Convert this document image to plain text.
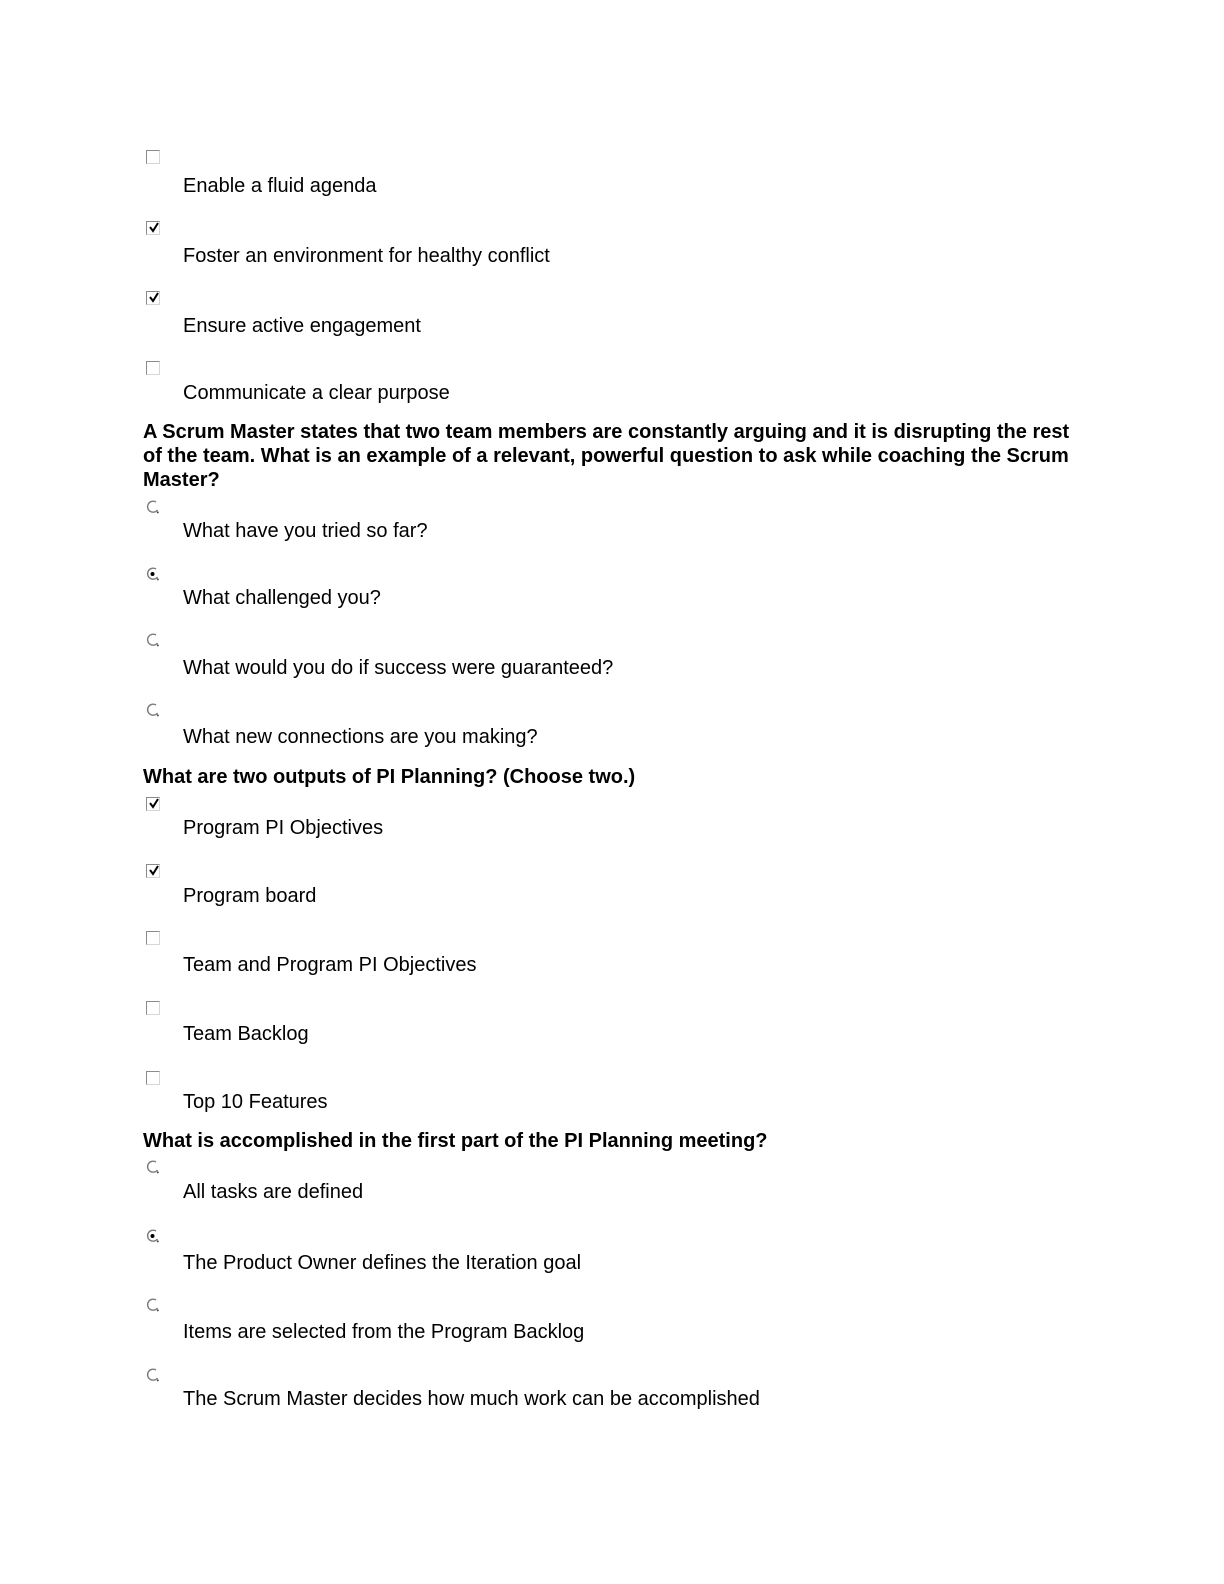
Enable a fluid agenda
Foster an environment for healthy conflict
Ensure active engagement
Communicate a clear purpose
A Scrum Master states that two team members are constantly arguing and it is disrupting the rest of the team. What is an example of a relevant, powerful question to ask while coaching the Scrum Master?
What have you tried so far?
What challenged you?
What would you do if success were guaranteed?
What new connections are you making?
What are two outputs of PI Planning? (Choose two.)
Program PI Objectives
Program board
Team and Program PI Objectives
Team Backlog
Top 10 Features
What is accomplished in the first part of the PI Planning meeting?
All tasks are defined
The Product Owner defines the Iteration goal
Items are selected from the Program Backlog
The Scrum Master decides how much work can be accomplished
